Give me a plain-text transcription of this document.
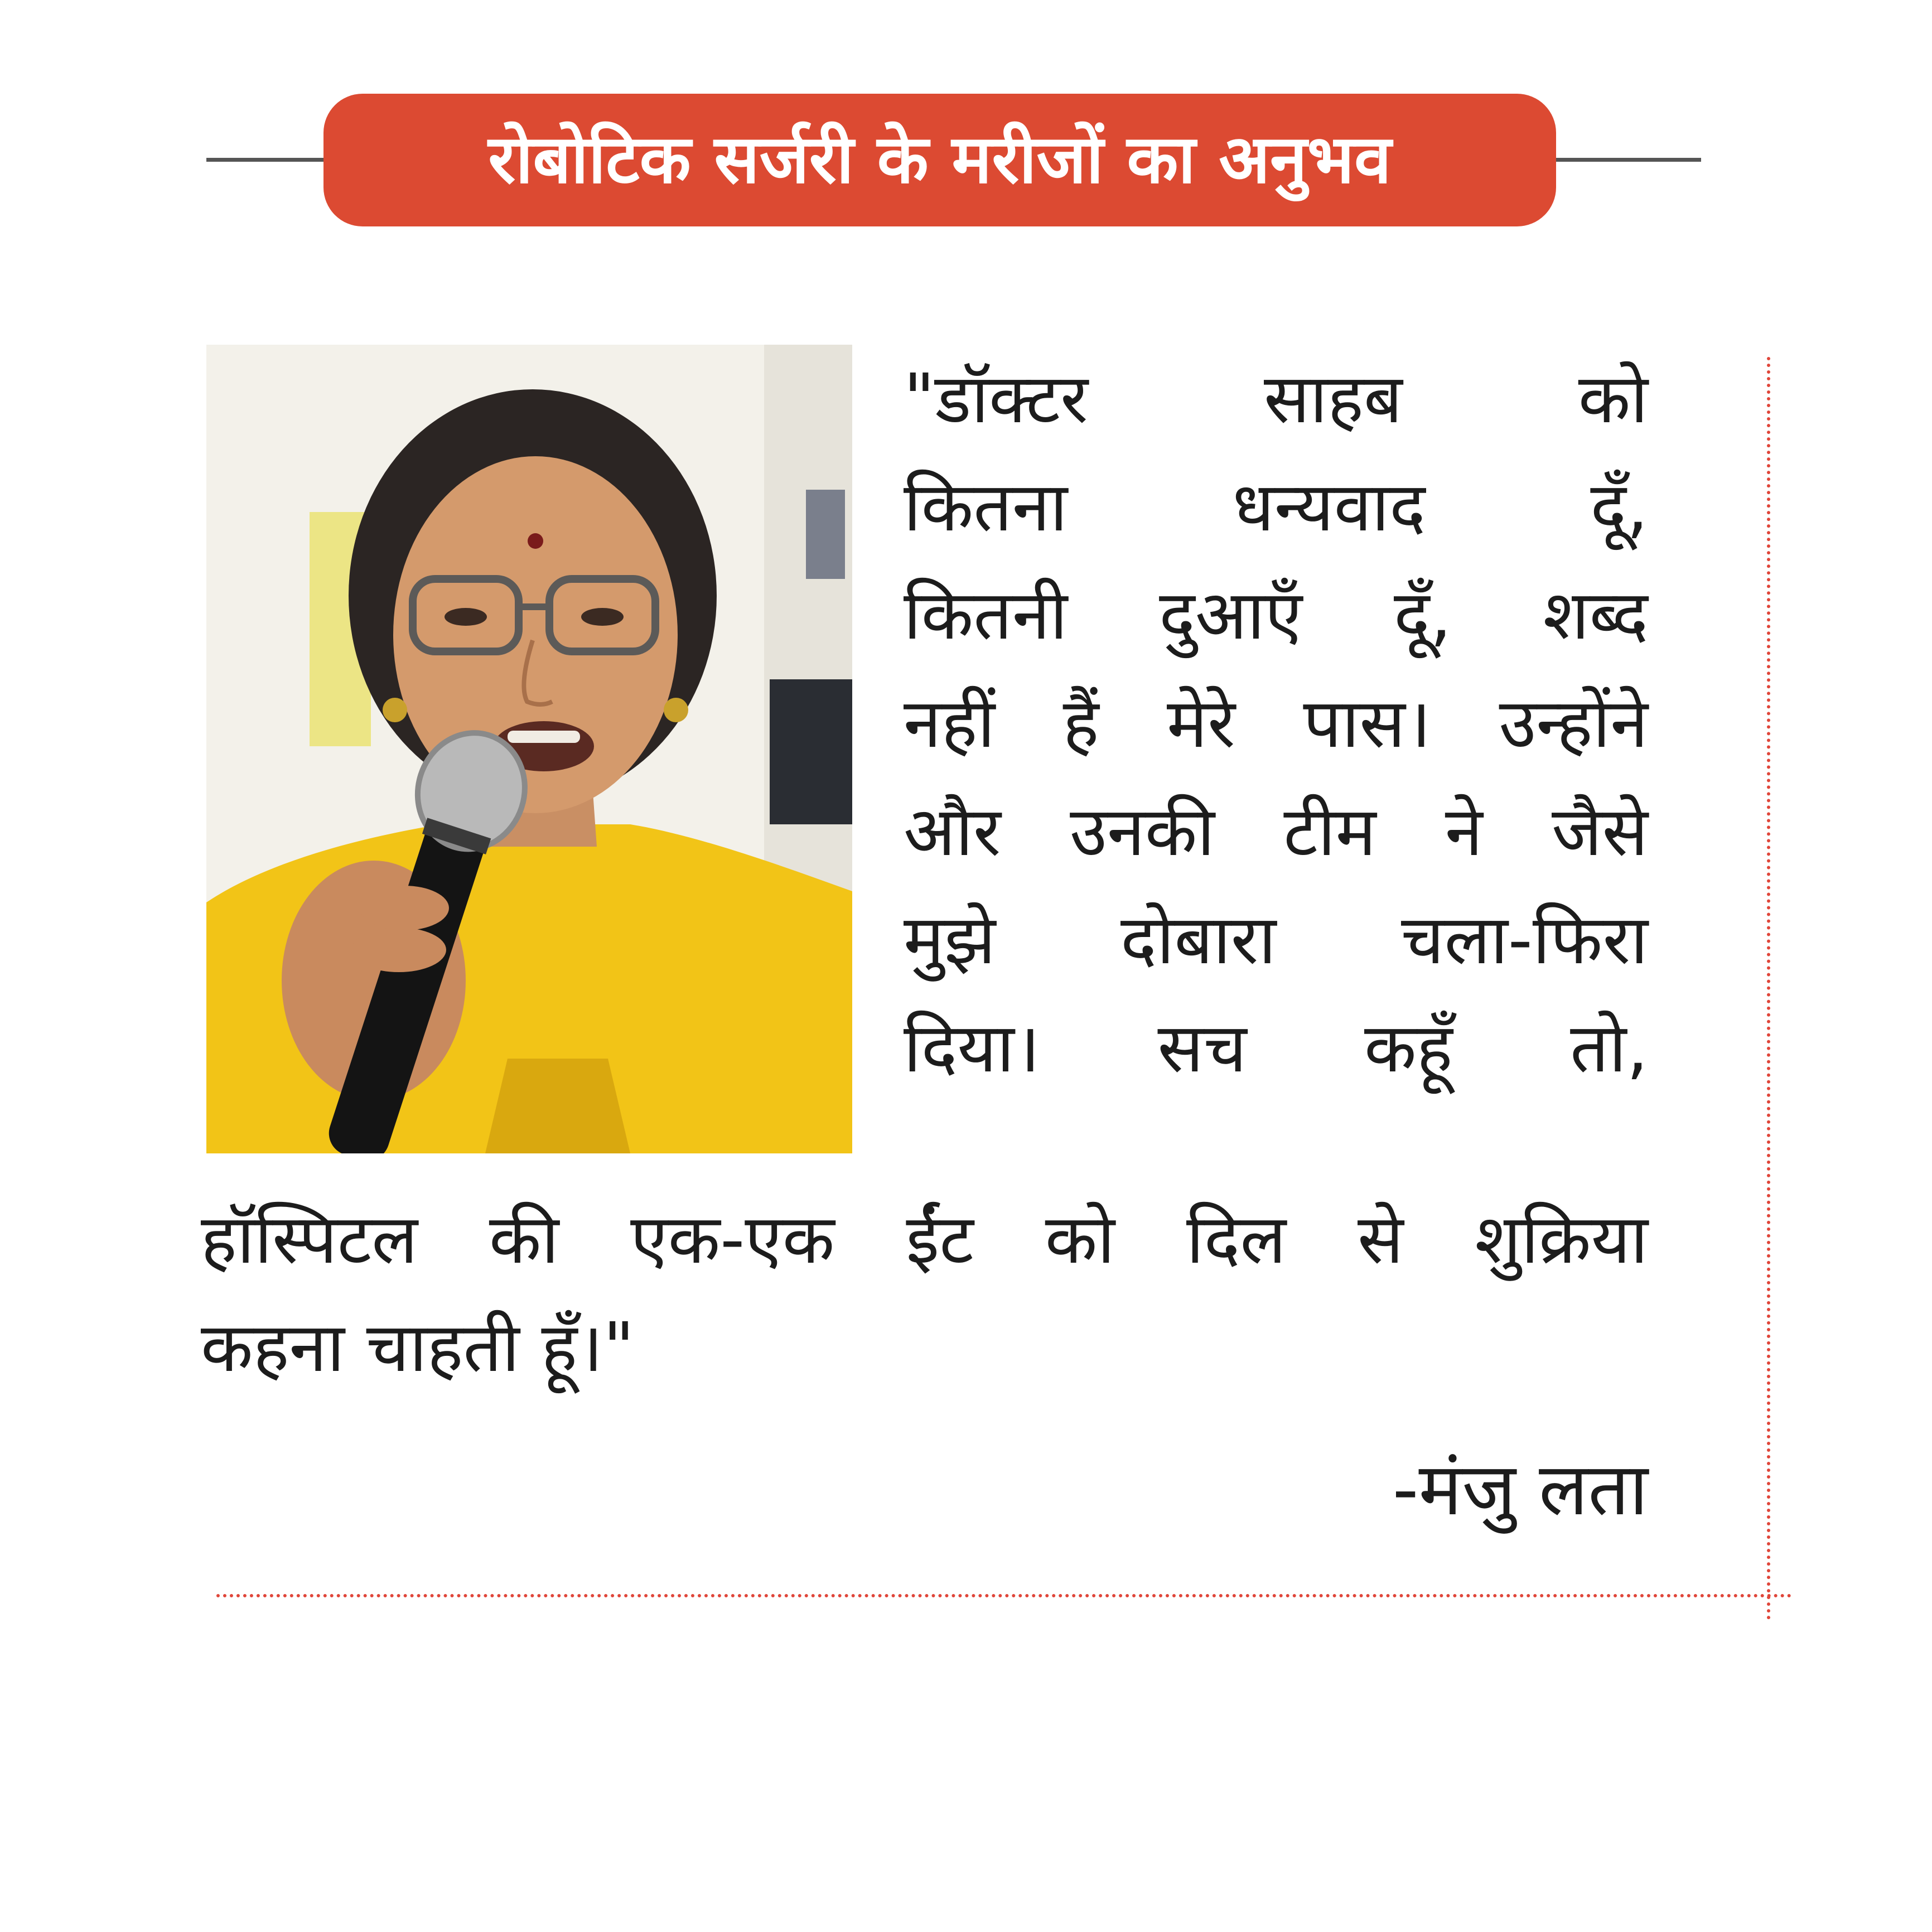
रोबोटिक सर्जरी के मरीजों का अनुभव
"डॉक्टर साहब को
कितना धन्यवाद दूँ,
कितनी दुआएँ दूँ, शब्द
नहीं हैं मेरे पास। उन्होंने
और उनकी टीम ने जैसे
मुझे दोबारा चला-फिरा
दिया। सच कहूँ तो,
हॉस्पिटल की एक-एक ईंट को दिल से शुक्रिया
कहना चाहती हूँ।"
-मंजु लता
